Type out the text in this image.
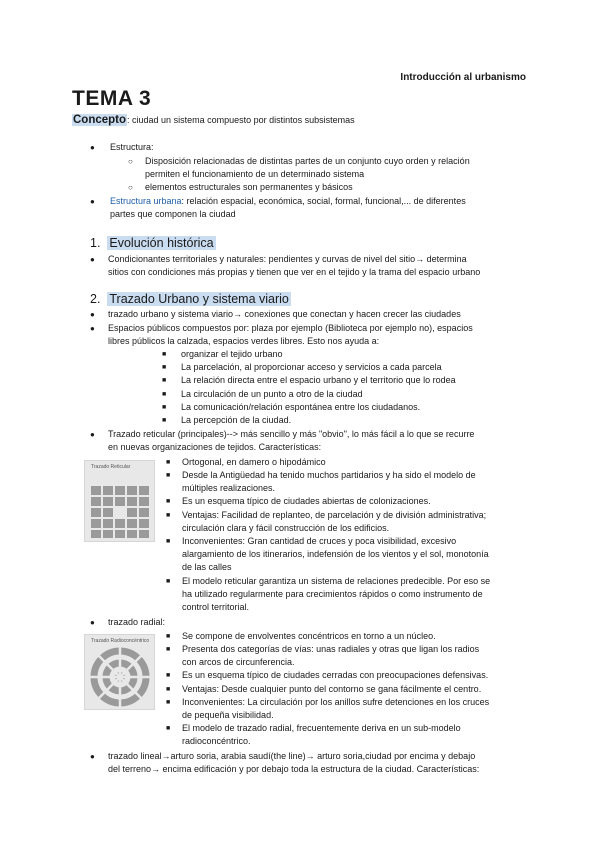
Introducción al urbanismo
TEMA 3
Concepto: ciudad un sistema compuesto por distintos subsistemas
● Estructura:
○ Disposición relacionadas de distintas partes de un conjunto cuyo orden y relación
permiten el funcionamiento de un determinado sistema
○ elementos estructurales son permanentes y básicos
● Estructura urbana: relación espacial, económica, social, formal, funcional,... de diferentes
partes que componen la ciudad
1. Evolución histórica
● Condicionantes territoriales y naturales: pendientes y curvas de nivel del sitio→ determina
sitios con condiciones más propias y tienen que ver en el tejido y la trama del espacio urbano
2. Trazado Urbano y sistema viario
● trazado urbano y sistema viario→ conexiones que conectan y hacen crecer las ciudades
● Espacios públicos compuestos por: plaza por ejemplo (Biblioteca por ejemplo no), espacios
libres públicos la calzada, espacios verdes libres. Esto nos ayuda a:
■ organizar el tejido urbano
■ La parcelación, al proporcionar acceso y servicios a cada parcela
■ La relación directa entre el espacio urbano y el territorio que lo rodea
■ La circulación de un punto a otro de la ciudad
■ La comunicación/relación espontánea entre los ciudadanos.
■ La percepción de la ciudad.
● Trazado reticular (principales)--> más sencillo y más "obvio", lo más fácil a lo que se recurre
en nuevas organizaciones de tejidos. Características:
Trazado Reticular
■ Ortogonal, en damero o hipodámico
■ Desde la Antigüedad ha tenido muchos partidarios y ha sido el modelo de
múltiples realizaciones.
■ Es un esquema típico de ciudades abiertas de colonizaciones.
■ Ventajas: Facilidad de replanteo, de parcelación y de división administrativa;
circulación clara y fácil construcción de los edificios.
■ Inconvenientes: Gran cantidad de cruces y poca visibilidad, excesivo
alargamiento de los itinerarios, indefensión de los vientos y el sol, monotonía
de las calles
■ El modelo reticular garantiza un sistema de relaciones predecible. Por eso se
ha utilizado regularmente para crecimientos rápidos o como instrumento de
control territorial.
● trazado radial:
Trazado Radioconcéntrico
■ Se compone de envolventes concéntricos en torno a un núcleo.
■ Presenta dos categorías de vías: unas radiales y otras que ligan los radios
con arcos de circunferencia.
■ Es un esquema típico de ciudades cerradas con preocupaciones defensivas.
■ Ventajas: Desde cualquier punto del contorno se gana fácilmente el centro.
■ Inconvenientes: La circulación por los anillos sufre detenciones en los cruces
de pequeña visibilidad.
■ El modelo de trazado radial, frecuentemente deriva en un sub-modelo
radioconcéntrico.
● trazado lineal→arturo soria, arabia saudí(the line)→ arturo soria,ciudad por encima y debajo
del terreno→ encima edificación y por debajo toda la estructura de la ciudad. Características:
